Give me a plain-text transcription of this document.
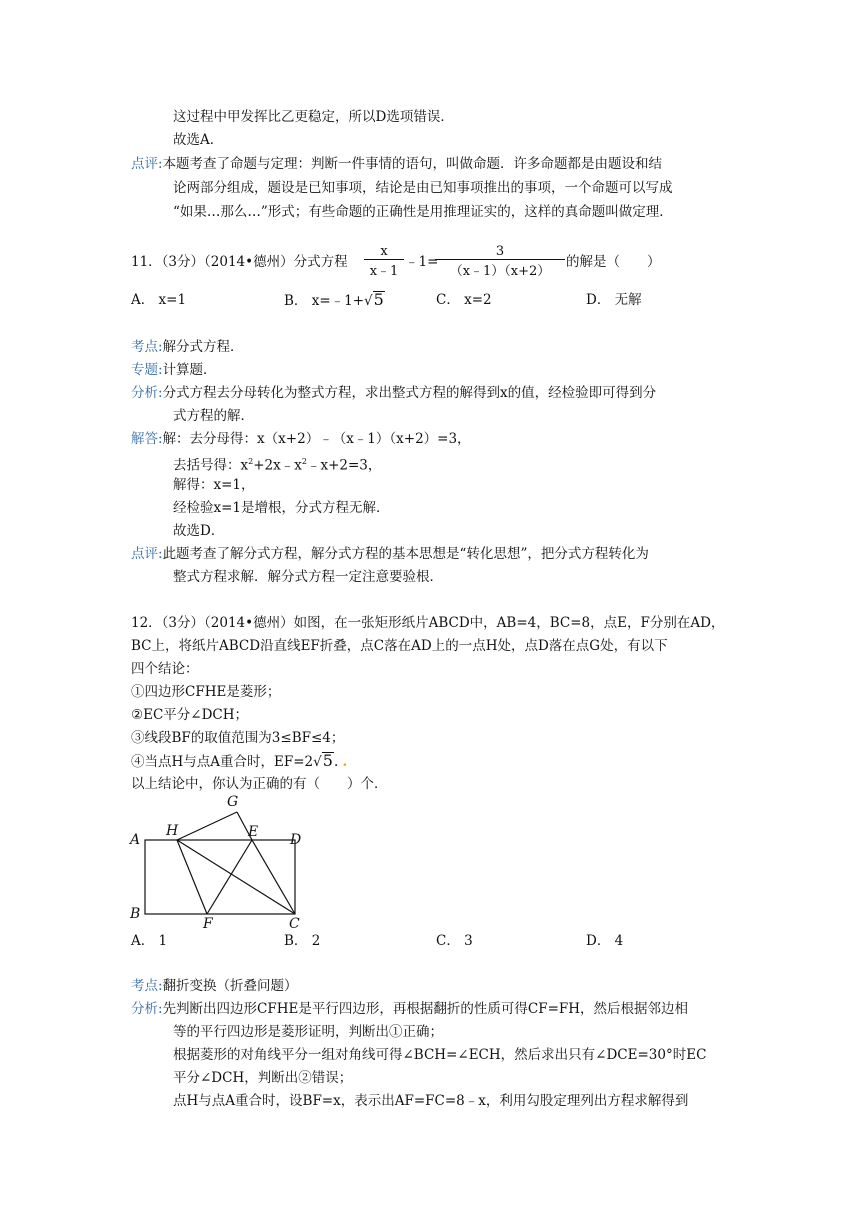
这过程中甲发挥比乙更稳定，所以D选项错误．
故选A．
点评:本题考查了命题与定理：判断一件事情的语句，叫做命题．许多命题都是由题设和结
论两部分组成，题设是已知事项，结论是由已知事项推出的事项，一个命题可以写成
“如果…那么…”形式；有些命题的正确性是用推理证实的，这样的真命题叫做定理．
11．（3分）（2014•德州）分式方程 $\frac{x}{x﹣1}$ ﹣1=
$\frac{3}{(x﹣1)(x+2)}$ 的解是（　　）
A． x=1	B． x=﹣1+√5	C． x=2	D． 无解
考点:解分式方程．
专题:计算题．
分析:分式方程去分母转化为整式方程，求出整式方程的解得到x的值，经检验即可得到分
式方程的解．
解答:解：去分母得：x（x+2）﹣（x﹣1）（x+2）=3，
去括号得：$x^2+2x﹣x^2﹣x+2=3$，
解得：x=1，
经检验x=1是增根，分式方程无解．
故选D．
点评:此题考查了解分式方程，解分式方程的基本思想是“转化思想”，把分式方程转化为
整式方程求解．解分式方程一定注意要验根．
12．（3分）（2014•德州）如图，在一张矩形纸片ABCD中，AB=4，BC=8，点E，F分别在AD，
BC上，将纸片ABCD沿直线EF折叠，点C落在AD上的一点H处，点D落在点G处，有以下
四个结论：
①四边形CFHE是菱形；
②EC平分∠DCH；
③线段BF的取值范围为3≤BF≤4；
④当点H与点A重合时，EF=2√5. .
以上结论中，你认为正确的有（　　）个．
A
B
C
D
E
F
G
H
A． 1	B． 2	C． 3	D． 4
考点:翻折变换（折叠问题）
分析:先判断出四边形CFHE是平行四边形，再根据翻折的性质可得CF=FH，然后根据邻边相
等的平行四边形是菱形证明，判断出①正确；
根据菱形的对角线平分一组对角线可得∠BCH=∠ECH，然后求出只有∠DCE=30°时EC
平分∠DCH，判断出②错误；
点H与点A重合时，设BF=x，表示出AF=FC=8﹣x，利用勾股定理列出方程求解得到
